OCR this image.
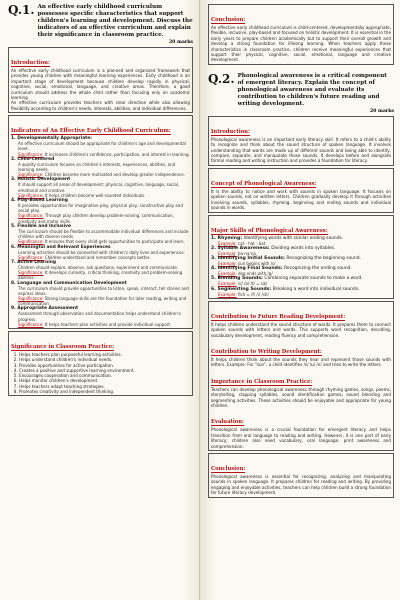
Q.1. An effective early childhood curriculum possesses specific characteristics that support children's learning and development. Discuss the indicators of an effective curriculum and explain their significance in classroom practice.
20 marks
Introduction:

An effective early childhood curriculum is a planned and organized framework that provides young children with meaningful learning experiences. Early childhood is an important stage of development because children develop rapidly in physical, cognitive, social, emotional, language, and creative areas. Therefore, a good curriculum should address the whole child rather than focusing only on academic learning.

An effective curriculum provides teachers with clear direction while also allowing flexibility according to children's needs, interests, abilities, and individual differences.

Indicators of An Effective Early Childhood Curriculum:
1. Developmentally Appropriate:
An effective curriculum should be appropriate for children's age and developmental level.
Significance: It increases children's confidence, participation, and interest in learning.
2. Child-Centered
A quality curriculum focuses on children's interests, experiences, abilities, and learning needs.
Significance: Children become more motivated and develop greater independence.
3. Holistic Development
It should support all areas of development: physical, cognitive, language, social, emotional and creative.
Significance: It helps children become well-rounded individuals.
4. Play-Based Learning
It provides opportunities for imaginative play, physical play, constructive play and social play.
Significance: Through play children develop problem-solving, communication, creativity and motor skills.
5. Flexible and Inclusive
The curriculum should be flexible to accommodate individual differences and include children with diverse needs.
Significance: It ensures that every child gets opportunities to participate and learn.
6. Meaningful and Relevant Experiences
Learning activities should be connected with children's daily lives and experiences.
Significance: Children understand and remember concepts better.
7. Active Learning
Children should explore, observe, ask questions, experiment and communicate.
Significance: It develops curiosity, critical thinking, creativity and problem-solving abilities.
8. Language and Communication Development
The curriculum should provide opportunities to listen, speak, interact, tell stories and express ideas.
Significance: Strong language skills are the foundation for later reading, writing and communication.
9. Appropriate Assessment
Assessment through observation and documentation helps understand children's progress.
Significance: It helps teachers plan activities and provide individual support.
Significance in Classroom Practice:
1. Helps teachers plan purposeful learning activities.
2. Helps understand children's individual needs.
3. Provides opportunities for active participation.
4. Creates a positive and supportive learning environment.
5. Encourages cooperation and communication.
6. Helps monitor children's development.
7. Helps teachers adapt teaching strategies.
8. Promotes creativity and independent thinking.
Conclusion:

An effective early childhood curriculum is child-centered, developmentally appropriate, flexible, inclusive, play-based and focused on holistic development. It is essential in the early years to prepare children academically but to support their overall growth and develop a strong foundation for lifelong learning. When teachers apply these characteristics in classroom practice, children receive meaningful experiences that support their physical, cognitive, social, emotional, language and creative development.

Q.2. Phonological awareness is a critical component of emergent literacy. Explain the concept of phonological awareness and evaluate its contribution to children's future reading and writing development.
20 marks
Introduction:

Phonological awareness is an important early literacy skill. It refers to a child's ability to recognize and think about the sound structure of spoken language. It involves understanding that words are made up of different sounds and being able to identify, compare, separate, and manipulate those sounds. It develops before and alongside formal reading and writing instruction and provides a foundation for literacy.

Concept of Phonological Awareness:

It is the ability to notice and work with sounds in spoken language. It focuses on spoken sounds, not on written letters. Children gradually develop it through activities involving sounds, syllables, rhyming, beginning and ending sounds and individual sounds in words.

Major Skills of Phonological Awareness:
1. Rhyming: Identifying words with similar ending sounds.
Example: cat - hat - bat
2. Syllable Awareness: Dividing words into syllables.
Example: ba-na-na
3. Identifying Initial Sounds: Recognizing the beginning sound.
Example: sun begins with /s/
4. Identifying Final Sounds: Recognizing the ending sound.
Example: dog ends with /g/
5. Blending Sounds: Combining separate sounds to make a word.
Example: /c/ /a/ /t/ = cat
6. Segmenting Sounds: Breaking a word into individual sounds.
Example: fish = /f/ /i/ /sh/
Contribution to Future Reading Development:

It helps children understand the sound structure of words. It prepares them to connect spoken sounds with letters and words. This supports word recognition, decoding, vocabulary development, reading fluency and comprehension.

Contribution to Writing Development:

It helps children think about the sounds they hear and represent those sounds with letters. Example: For "sun", a child identifies /s/ /u/ /n/ and tries to write the letters.

Importance in Classroom Practice:

Teachers can develop phonological awareness through rhyming games, songs, poems, storytelling, clapping syllables, sound identification games, sound blending and segmenting activities. These activities should be enjoyable and appropriate for young children.

Evaluation:

Phonological awareness is a crucial foundation for emergent literacy and helps transition from oral language to reading and writing. However, it is one part of early literacy; children also need vocabulary, oral language, print awareness and comprehension.

Conclusion:

Phonological awareness is essential for recognizing, analyzing and manipulating sounds in spoken language. It prepares children for reading and writing. By providing engaging and enjoyable activities, teachers can help children build a strong foundation for future literacy development.
